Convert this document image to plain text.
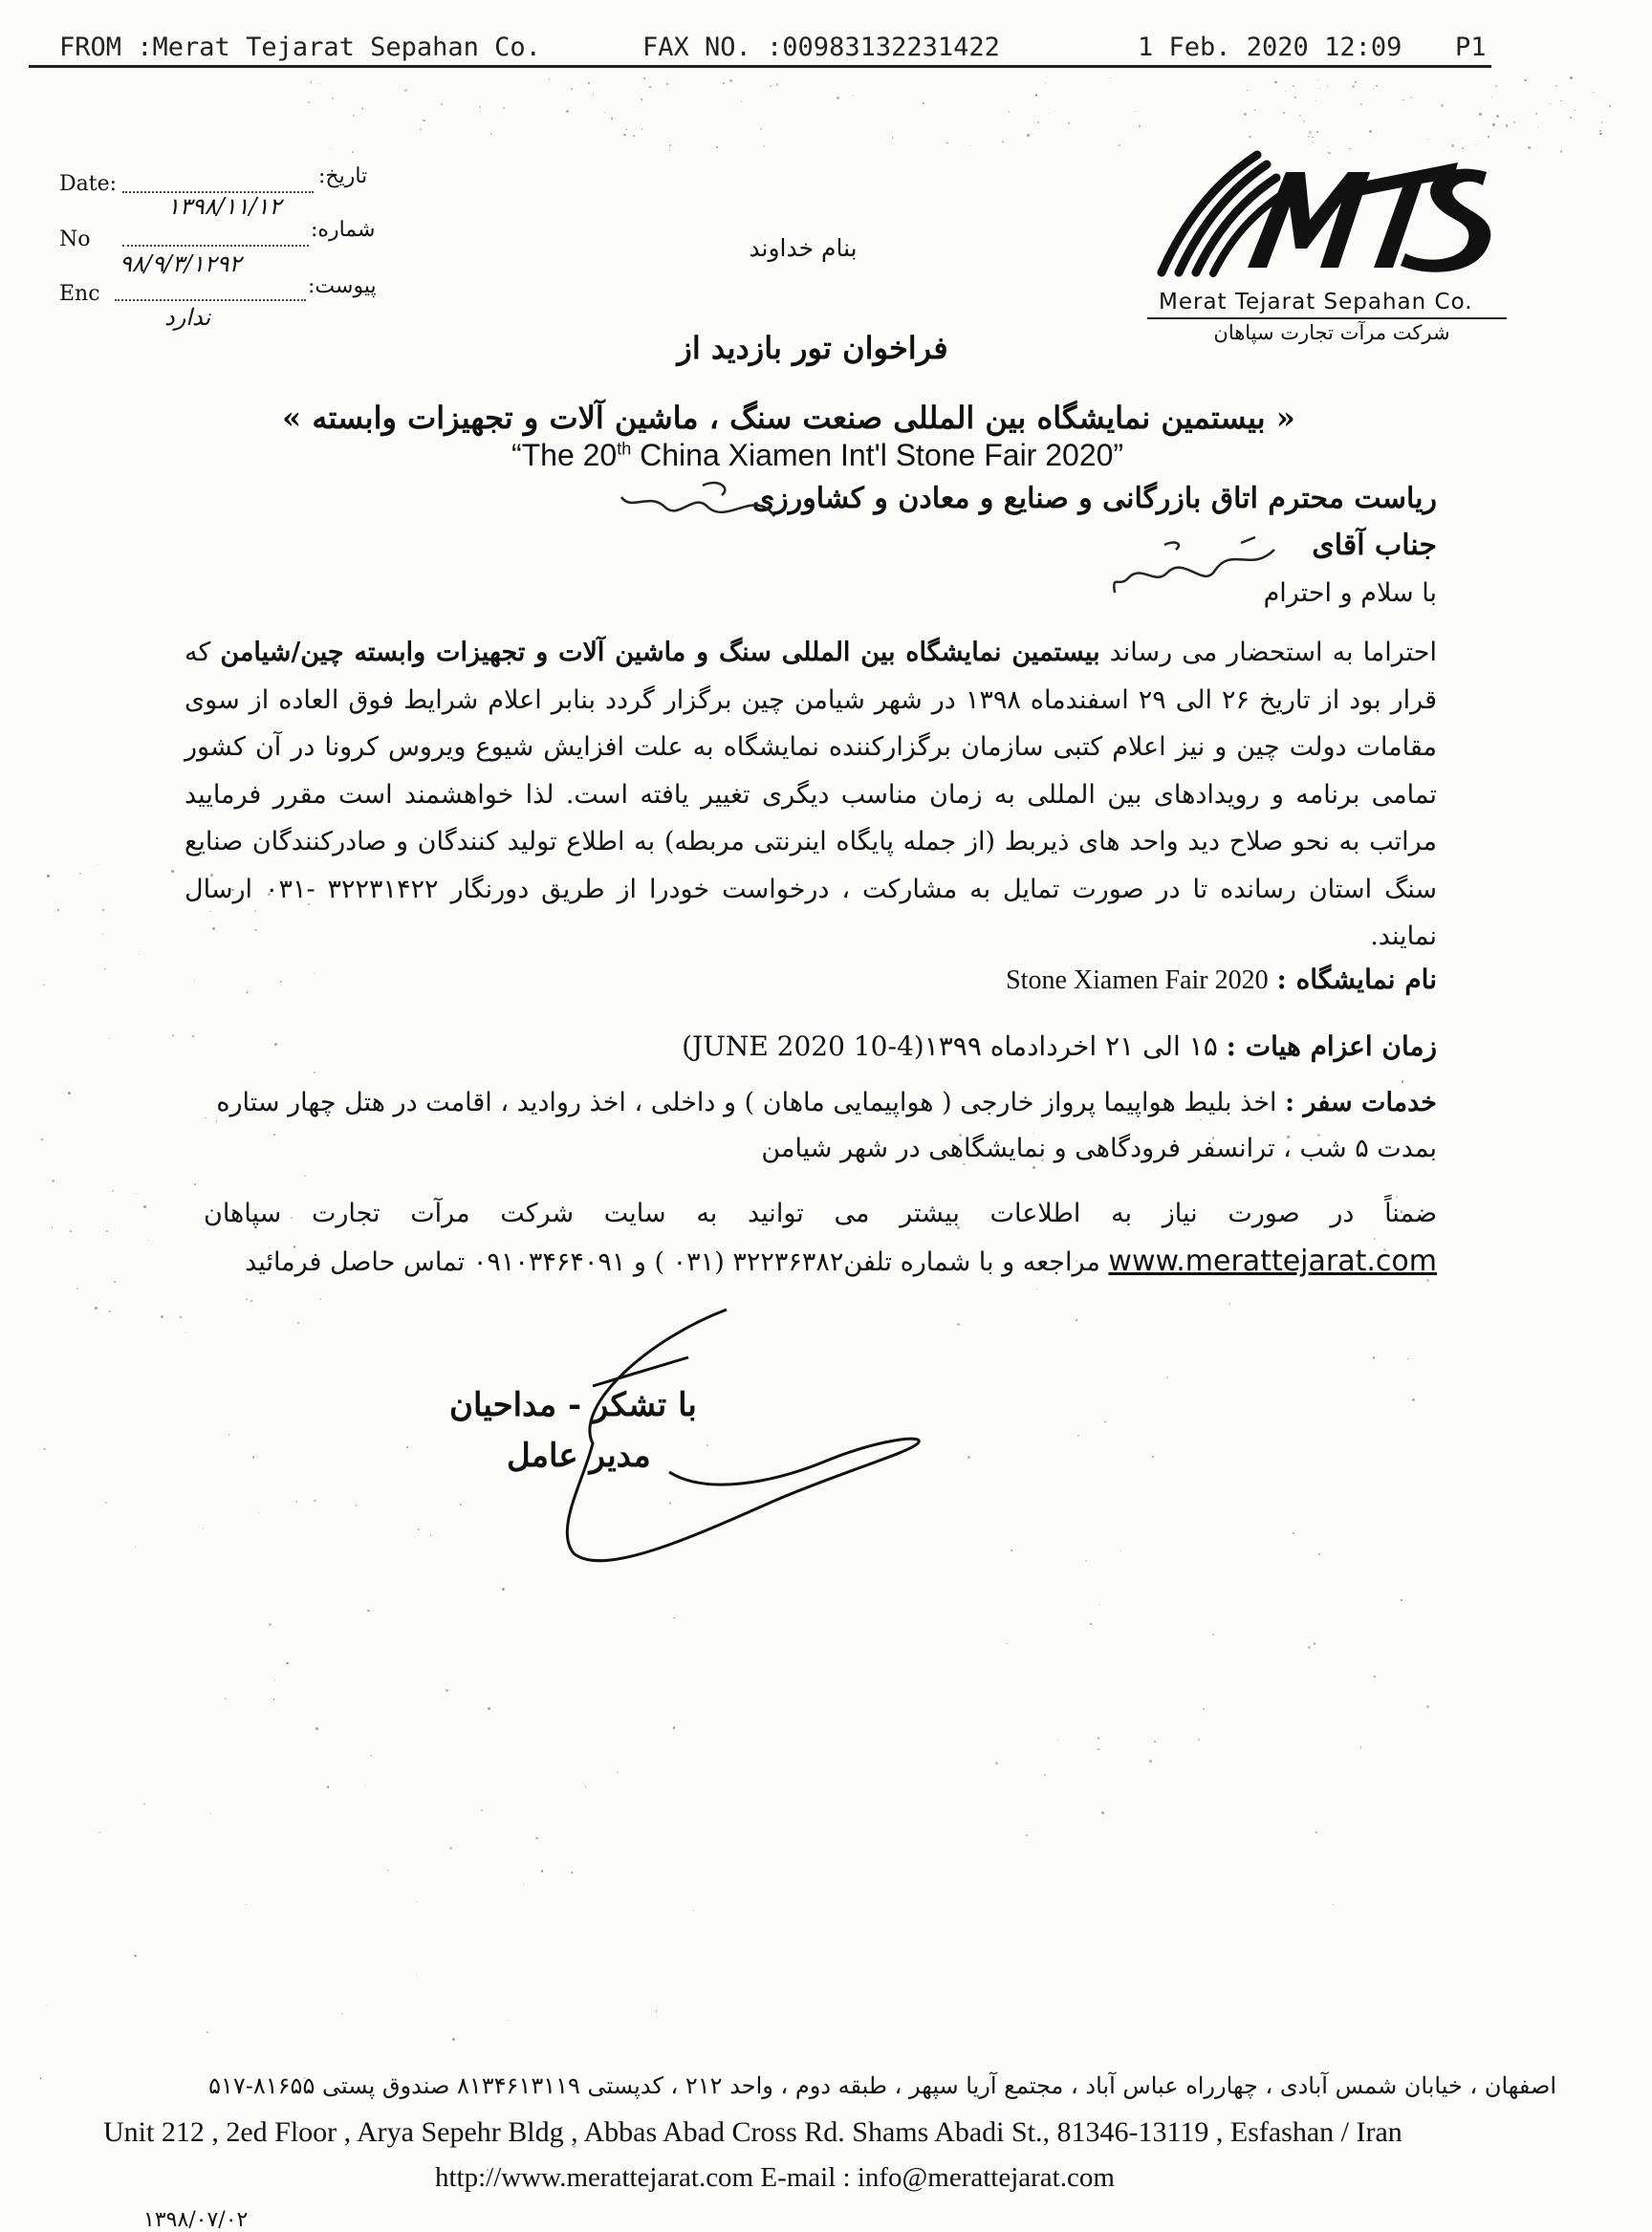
FROM :Merat Tejarat Sepahan Co.	FAX NO. :00983132231422	1 Feb. 2020 12:09 P1
Date:	تاریخ:
۱۳۹۸/۱۱/۱۲
No	شماره:
۹۸/۹/۳/۱۲۹۲
Enc	پیوست:
ندارد
Merat Tejarat Sepahan Co.
شرکت مرآت تجارت سپاهان
بنام خداوند
فراخوان تور بازدید از
« بیستمین نمایشگاه بین المللی صنعت سنگ ، ماشین آلات و تجهیزات وابسته »
“The 20th China Xiamen Int'l Stone Fair 2020”
ریاست محترم اتاق بازرگانی و صنایع و معادن و کشاورزی
جناب آقای
با سلام و احترام
احتراما به استحضار می رساند بیستمین نمایشگاه بین المللی سنگ و ماشین آلات و تجهیزات وابسته چین/شیامن که قرار بود از تاریخ ۲۶ الی ۲۹ اسفندماه ۱۳۹۸ در شهر شیامن چین برگزار گردد بنابر اعلام شرایط فوق العاده از سوی مقامات دولت چین و نیز اعلام کتبی سازمان برگزارکننده نمایشگاه به علت افزایش شیوع ویروس کرونا در آن کشور تمامی برنامه و رویدادهای بین المللی به زمان مناسب دیگری تغییر یافته است. لذا خواهشمند است مقرر فرمایید مراتب به نحو صلاح دید واحد های ذیربط (از جمله پایگاه اینرنتی مربطه) به اطلاع تولید کنندگان و صادرکنندگان صنایع سنگ استان رسانده تا در صورت تمایل به مشارکت ، درخواست خودرا از طریق دورنگار ۳۲۲۳۱۴۲۲ -۰۳۱ ارسال نمایند.
نام نمایشگاه : Stone Xiamen Fair 2020
زمان اعزام هیات : ۱۵ الی ۲۱ اخردادماه ۱۳۹۹(4-10 JUNE 2020)
خدمات سفر : اخذ بلیط هواپیما پرواز خارجی ( هواپیمایی ماهان ) و داخلی ، اخذ روادید ، اقامت در هتل چهار ستاره بمدت ۵ شب ، ترانسفر فرودگاهی و نمایشگاهی در شهر شیامن
ضمناً در صورت نیاز به اطلاعات بیشتر می توانید به سایت شرکت مرآت تجارت سپاهان www.merattejarat.com مراجعه و با شماره تلفن۳۲۲۳۶۳۸۲ (۰۳۱ ) و ۰۹۱۰۳۴۶۴۰۹۱ تماس حاصل فرمائید
با تشکر - مداحیان
مدیر عامل
اصفهان ، خیابان شمس آبادی ، چهارراه عباس آباد ، مجتمع آریا سپهر ، طبقه دوم ، واحد ۲۱۲ ، کدپستی ۸۱۳۴۶۱۳۱۱۹ صندوق پستی ۸۱۶۵۵-۵۱۷
Unit 212 , 2ed Floor , Arya Sepehr Bldg , Abbas Abad Cross Rd. Shams Abadi St., 81346-13119 , Esfashan / Iran
http://www.merattejarat.com E-mail : info@merattejarat.com
۱۳۹۸/۰۷/۰۲
